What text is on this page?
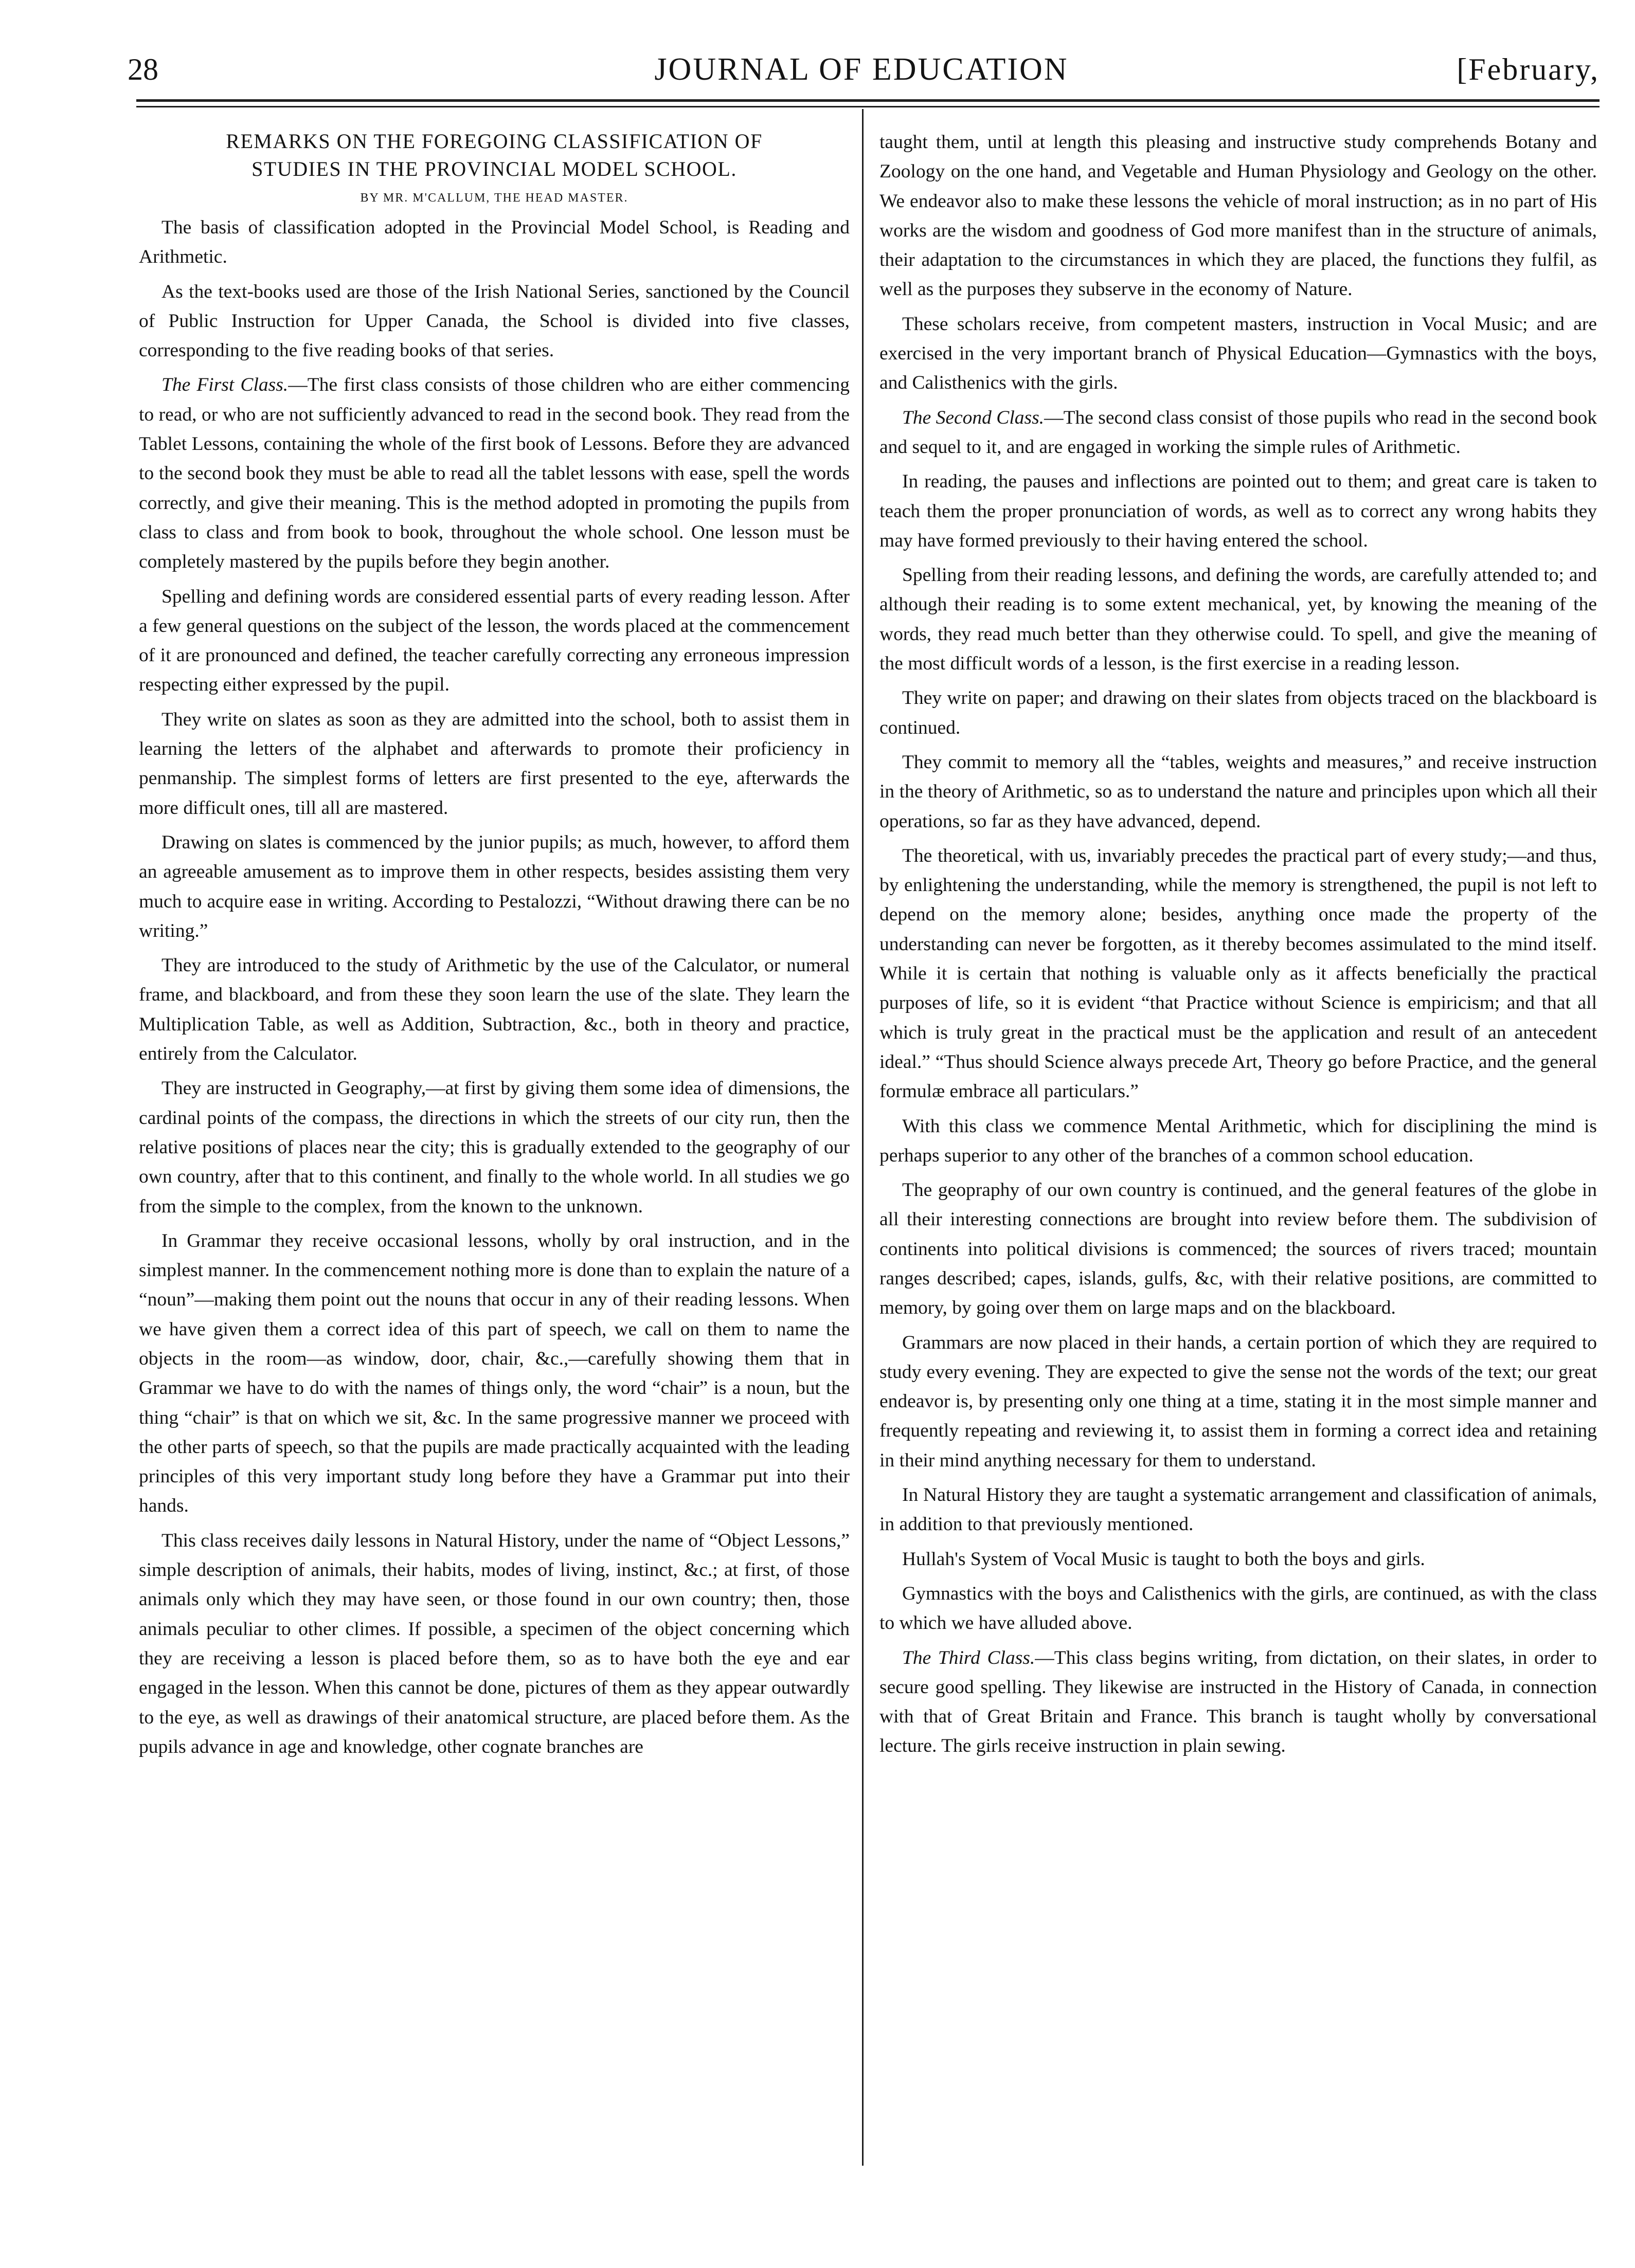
28	JOURNAL OF EDUCATION	[February,
REMARKS ON THE FOREGOING CLASSIFICATION OF
STUDIES IN THE PROVINCIAL MODEL SCHOOL.
BY MR. M'CALLUM, THE HEAD MASTER.

The basis of classification adopted in the Provincial Model School, is Reading and Arithmetic.

As the text-books used are those of the Irish National Series, sanctioned by the Council of Public Instruction for Upper Canada, the School is divided into five classes, corresponding to the five reading books of that series.

The First Class.—The first class consists of those children who are either commencing to read, or who are not sufficiently advanced to read in the second book. They read from the Tablet Lessons, containing the whole of the first book of Lessons. Before they are advanced to the second book they must be able to read all the tablet lessons with ease, spell the words correctly, and give their meaning. This is the method adopted in promoting the pupils from class to class and from book to book, throughout the whole school. One lesson must be completely mastered by the pupils before they begin another.

Spelling and defining words are considered essential parts of every reading lesson. After a few general questions on the subject of the lesson, the words placed at the commencement of it are pronounced and defined, the teacher carefully correcting any erroneous impression respecting either expressed by the pupil.

They write on slates as soon as they are admitted into the school, both to assist them in learning the letters of the alphabet and afterwards to promote their proficiency in penmanship. The simplest forms of letters are first presented to the eye, afterwards the more difficult ones, till all are mastered.

Drawing on slates is commenced by the junior pupils; as much, however, to afford them an agreeable amusement as to improve them in other respects, besides assisting them very much to acquire ease in writing. According to Pestalozzi, “Without drawing there can be no writing.”

They are introduced to the study of Arithmetic by the use of the Calculator, or numeral frame, and blackboard, and from these they soon learn the use of the slate. They learn the Multiplication Table, as well as Addition, Subtraction, &c., both in theory and practice, entirely from the Calculator.

They are instructed in Geography,—at first by giving them some idea of dimensions, the cardinal points of the compass, the directions in which the streets of our city run, then the relative positions of places near the city; this is gradually extended to the geography of our own country, after that to this continent, and finally to the whole world. In all studies we go from the simple to the complex, from the known to the unknown.

In Grammar they receive occasional lessons, wholly by oral instruction, and in the simplest manner. In the commencement nothing more is done than to explain the nature of a “noun”—making them point out the nouns that occur in any of their reading lessons. When we have given them a correct idea of this part of speech, we call on them to name the objects in the room—as window, door, chair, &c.,—carefully showing them that in Grammar we have to do with the names of things only, the word “chair” is a noun, but the thing “chair” is that on which we sit, &c. In the same progressive manner we proceed with the other parts of speech, so that the pupils are made practically acquainted with the leading principles of this very important study long before they have a Grammar put into their hands.

This class receives daily lessons in Natural History, under the name of “Object Lessons,” simple description of animals, their habits, modes of living, instinct, &c.; at first, of those animals only which they may have seen, or those found in our own country; then, those animals peculiar to other climes. If possible, a specimen of the object concerning which they are receiving a lesson is placed before them, so as to have both the eye and ear engaged in the lesson. When this cannot be done, pictures of them as they appear outwardly to the eye, as well as drawings of their anatomical structure, are placed before them. As the pupils advance in age and knowledge, other cognate branches are

taught them, until at length this pleasing and instructive study comprehends Botany and Zoology on the one hand, and Vegetable and Human Physiology and Geology on the other. We endeavor also to make these lessons the vehicle of moral instruction; as in no part of His works are the wisdom and goodness of God more manifest than in the structure of animals, their adaptation to the circumstances in which they are placed, the functions they fulfil, as well as the purposes they subserve in the economy of Nature.

These scholars receive, from competent masters, instruction in Vocal Music; and are exercised in the very important branch of Physical Education—Gymnastics with the boys, and Calisthenics with the girls.

The Second Class.—The second class consist of those pupils who read in the second book and sequel to it, and are engaged in working the simple rules of Arithmetic.

In reading, the pauses and inflections are pointed out to them; and great care is taken to teach them the proper pronunciation of words, as well as to correct any wrong habits they may have formed previously to their having entered the school.

Spelling from their reading lessons, and defining the words, are carefully attended to; and although their reading is to some extent mechanical, yet, by knowing the meaning of the words, they read much better than they otherwise could. To spell, and give the meaning of the most difficult words of a lesson, is the first exercise in a reading lesson.

They write on paper; and drawing on their slates from objects traced on the blackboard is continued.

They commit to memory all the “tables, weights and measures,” and receive instruction in the theory of Arithmetic, so as to understand the nature and principles upon which all their operations, so far as they have advanced, depend.

The theoretical, with us, invariably precedes the practical part of every study;—and thus, by enlightening the understanding, while the memory is strengthened, the pupil is not left to depend on the memory alone; besides, anything once made the property of the understanding can never be forgotten, as it thereby becomes assimulated to the mind itself. While it is certain that nothing is valuable only as it affects beneficially the practical purposes of life, so it is evident “that Practice without Science is empiricism; and that all which is truly great in the practical must be the application and result of an antecedent ideal.” “Thus should Science always precede Art, Theory go before Practice, and the general formulæ embrace all particulars.”

With this class we commence Mental Arithmetic, which for disciplining the mind is perhaps superior to any other of the branches of a common school education.

The geopraphy of our own country is continued, and the general features of the globe in all their interesting connections are brought into review before them. The subdivision of continents into political divisions is commenced; the sources of rivers traced; mountain ranges described; capes, islands, gulfs, &c, with their relative positions, are committed to memory, by going over them on large maps and on the blackboard.

Grammars are now placed in their hands, a certain portion of which they are required to study every evening. They are expected to give the sense not the words of the text; our great endeavor is, by presenting only one thing at a time, stating it in the most simple manner and frequently repeating and reviewing it, to assist them in forming a correct idea and retaining in their mind anything necessary for them to understand.

In Natural History they are taught a systematic arrangement and classification of animals, in addition to that previously mentioned.

Hullah's System of Vocal Music is taught to both the boys and girls.

Gymnastics with the boys and Calisthenics with the girls, are continued, as with the class to which we have alluded above.

The Third Class.—This class begins writing, from dictation, on their slates, in order to secure good spelling. They likewise are instructed in the History of Canada, in connection with that of Great Britain and France. This branch is taught wholly by conversational lecture. The girls receive instruction in plain sewing.
